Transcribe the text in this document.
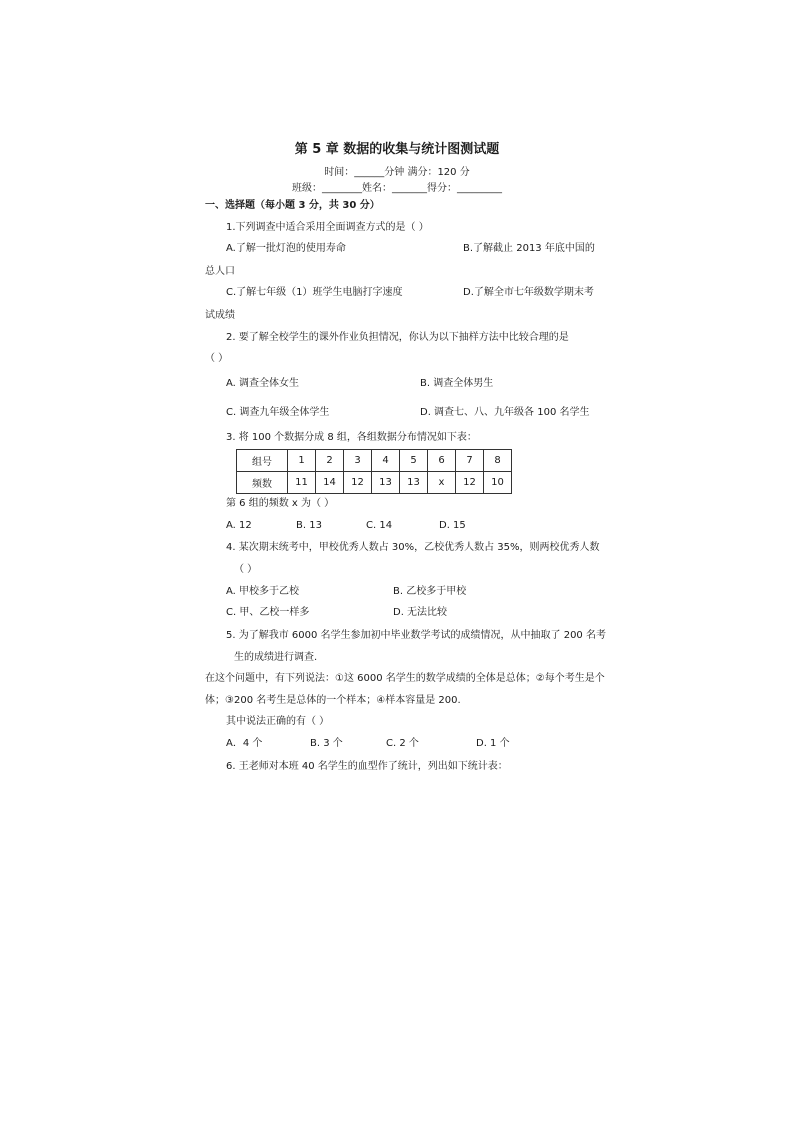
第 5 章 数据的收集与统计图测试题
时间：______分钟 满分：120 分
班级：________姓名：_______得分：_________
一、选择题（每小题 3 分，共 30 分）
1.下列调查中适合采用全面调查方式的是（ ）
A.了解一批灯泡的使用寿命	B.了解截止 2013 年底中国的
总人口
C.了解七年级（1）班学生电脑打字速度	D.了解全市七年级数学期末考
试成绩
2. 要了解全校学生的课外作业负担情况，你认为以下抽样方法中比较合理的是
（ ）
A. 调查全体女生	B. 调查全体男生
C. 调查九年级全体学生	D. 调查七、八、九年级各 100 名学生
3. 将 100 个数据分成 8 组，各组数据分布情况如下表：
组号	1	2	3	4	5	6	7	8
频数	11	14	12	13	13	x	12	10
第 6 组的频数 x 为（ ）
A. 12	B. 13	C. 14	D. 15
4. 某次期末统考中，甲校优秀人数占 30%，乙校优秀人数占 35%，则两校优秀人数
（ ）
A. 甲校多于乙校	B. 乙校多于甲校
C. 甲、乙校一样多	D. 无法比较
5. 为了解我市 6000 名学生参加初中毕业数学考试的成绩情况，从中抽取了 200 名考
生的成绩进行调查.
在这个问题中，有下列说法：①这 6000 名学生的数学成绩的全体是总体；②每个考生是个
体；③200 名考生是总体的一个样本；④样本容量是 200.
其中说法正确的有（ ）
A．4 个	B. 3 个	C. 2 个	D. 1 个
6. 王老师对本班 40 名学生的血型作了统计，列出如下统计表：
